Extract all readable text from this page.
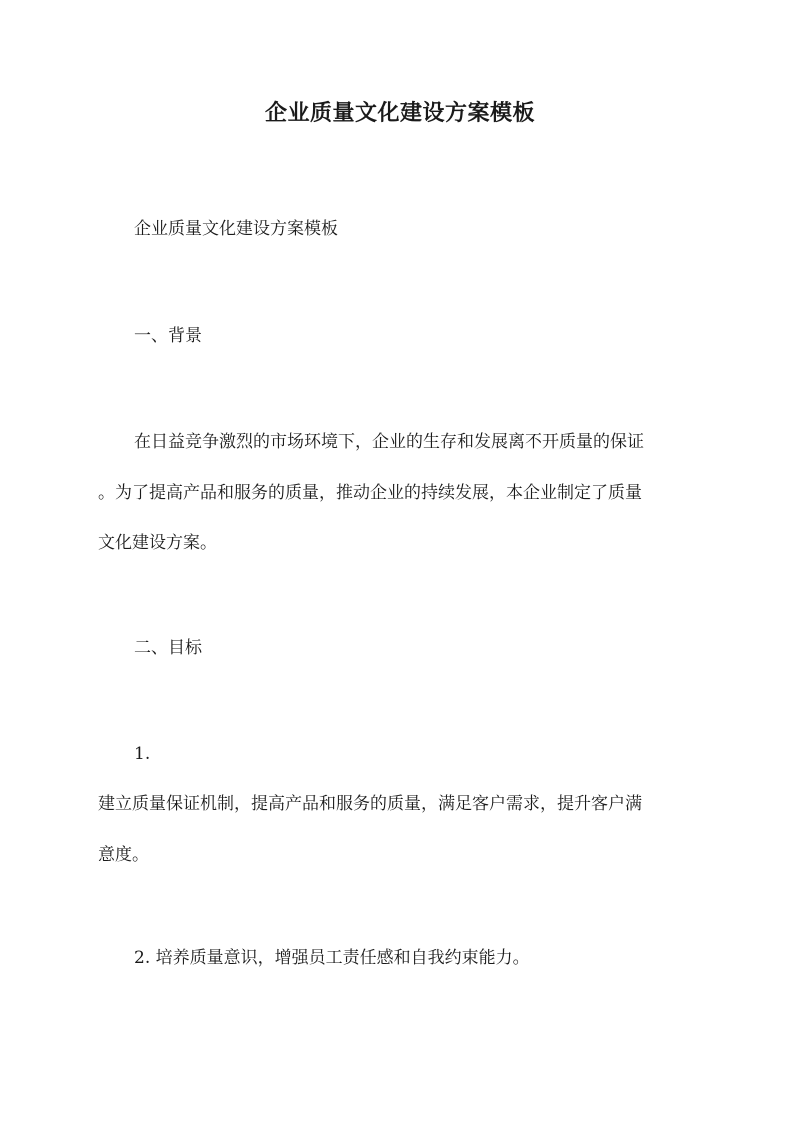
企业质量文化建设方案模板

企业质量文化建设方案模板

一、背景

在日益竞争激烈的市场环境下，企业的生存和发展离不开质量的保证

。为了提高产品和服务的质量，推动企业的持续发展，本企业制定了质量

文化建设方案。

二、目标

1.

建立质量保证机制，提高产品和服务的质量，满足客户需求，提升客户满

意度。

2. 培养质量意识，增强员工责任感和自我约束能力。
